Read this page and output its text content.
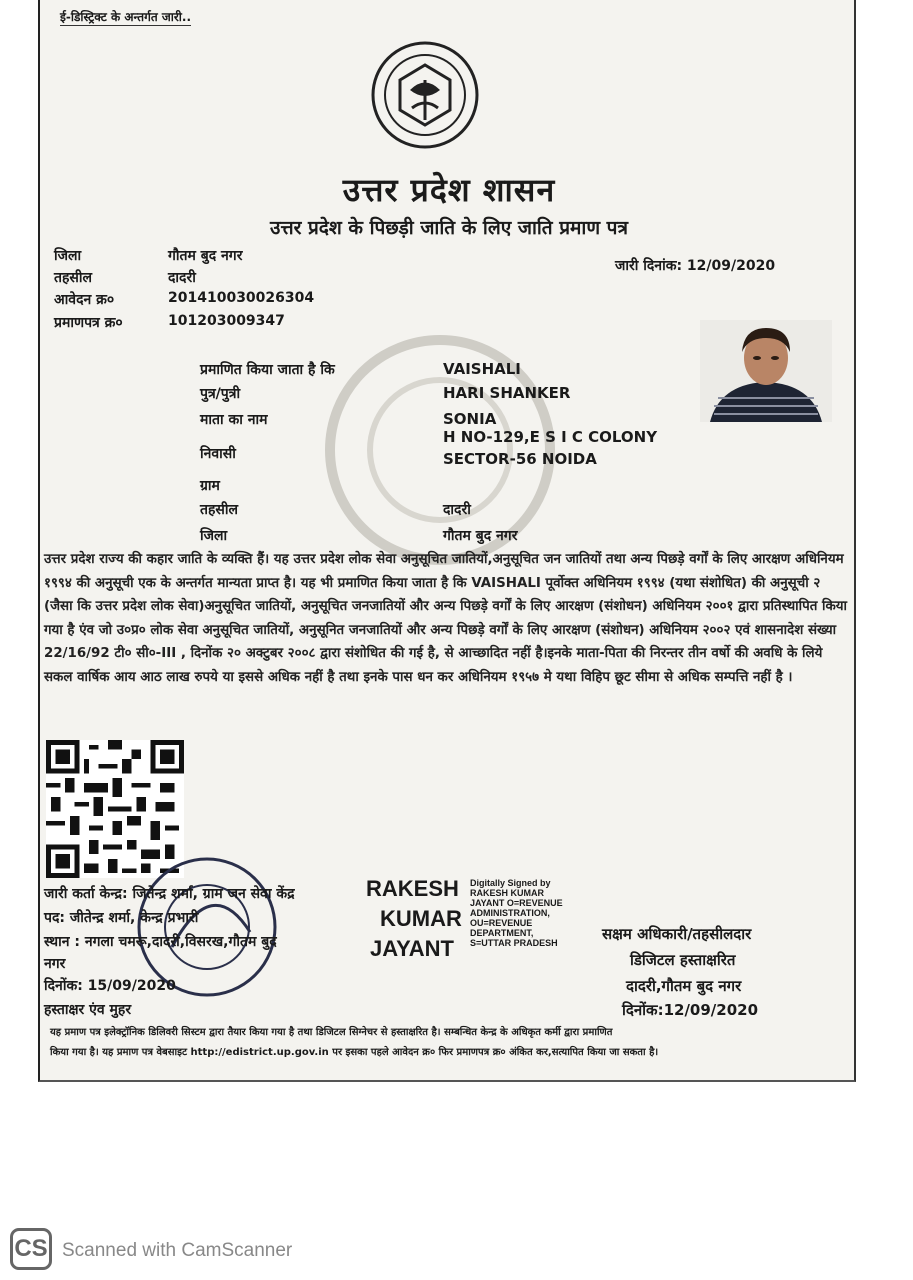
ई-डिस्ट्रिक्ट के अन्तर्गत जारी..
उत्तर प्रदेश शासन
उत्तर प्रदेश के पिछड़ी जाति के लिए जाति प्रमाण पत्र
जिला	गौतम बुद नगर
तहसील	दादरी
आवेदन क्र०	201410030026304
प्रमाणपत्र क्र०	101203009347
जारी दिनांक: 12/09/2020
प्रमाणित किया जाता है कि	VAISHALI
पुत्र/पुत्री	HARI SHANKER
माता का नाम	SONIA
निवासी
H NO-129,E S I C COLONY
SECTOR-56 NOIDA
ग्राम
तहसील	दादरी
जिला	गौतम बुद नगर
उत्तर प्रदेश राज्य की कहार जाति के व्यक्ति हैं। यह उत्तर प्रदेश लोक सेवा अनुसूचित जातियों,अनुसूचित जन जातियों तथा अन्य पिछड़े वर्गों के लिए आरक्षण अधिनियम १९९४ की अनुसूची एक के अन्तर्गत मान्यता प्राप्त है। यह भी प्रमाणित किया जाता है कि VAISHALI पूर्वोक्त अधिनियम १९९४ (यथा संशोधित) की अनुसूची २ (जैसा कि उत्तर प्रदेश लोक सेवा)अनुसूचित जातियों, अनुसूचित जनजातियों और अन्य पिछड़े वर्गों के लिए आरक्षण (संशोधन) अधिनियम २००१ द्वारा प्रतिस्थापित किया गया है एंव जो उ०प्र० लोक सेवा अनुसूचित जातियों, अनुसूनित जनजातियों और अन्य पिछड़े वर्गों के लिए आरक्षण (संशोधन) अधिनियम २००२ एवं शासनादेश संख्या 22/16/92 टी० सी०-III , दिनोंक २० अक्टुबर २००८ द्वारा संशोधित की गई है, से आच्छादित नहीं है।इनके माता-पिता की निरन्तर तीन वर्षो की अवधि के लिये सकल वार्षिक आय आठ लाख रुपये या इससे अधिक नहीं है तथा इनके पास धन कर अधिनियम १९५७ मे यथा विहिप छूट सीमा से अधिक सम्पत्ति नहीं है ।
जारी कर्ता केन्द्र: जितेन्द्र शर्मा, ग्राम जन सेवा केंद्र
पद: जीतेन्द्र शर्मा, केन्द्र प्रभारी
स्थान : नगला चमरू,दादरी,विसरख,गौतम बुद
नगर
दिनोंक: 15/09/2020
हस्ताक्षर एंव मुहर
RAKESH
KUMAR
JAYANT
Digitally Signed by
RAKESH KUMAR
JAYANT O=REVENUE
ADMINISTRATION,
OU=REVENUE
DEPARTMENT,
S=UTTAR PRADESH	सक्षम अधिकारी/तहसीलदार
डिजिटल हस्ताक्षरित
दादरी,गौतम बुद नगर
दिनोंक:12/09/2020
यह प्रमाण पत्र इलेक्ट्रॉनिक डिलिवरी सिस्टम द्वारा तैयार किया गया है तथा डिजिटल सिग्नेचर से हस्ताक्षरित है। सम्बन्धित केन्द्र के अधिकृत कर्मी द्वारा प्रमाणित
किया गया है। यह प्रमाण पत्र वेबसाइट http://edistrict.up.gov.in पर इसका पहले आवेदन क्र० फिर प्रमाणपत्र क्र० अंकित कर,सत्यापित किया जा सकता है।
CS Scanned with CamScanner
